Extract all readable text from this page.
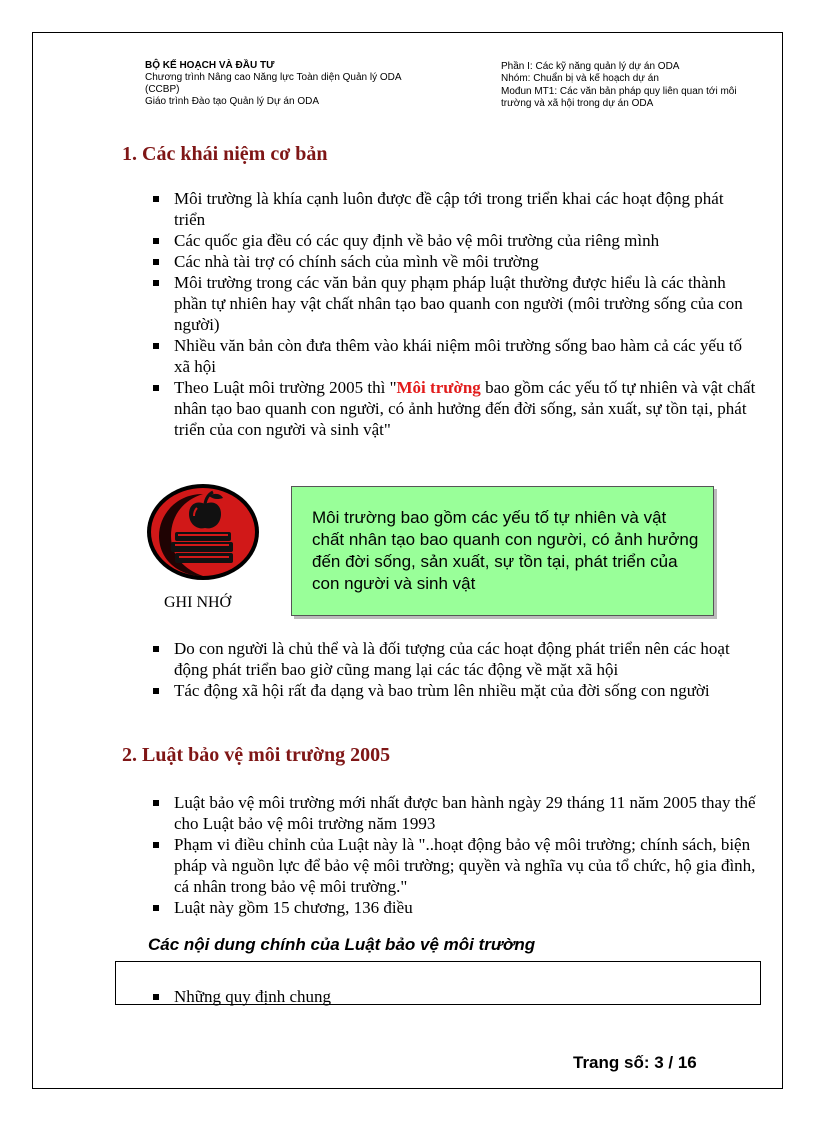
BỘ KẾ HOẠCH VÀ ĐẦU TƯ
Chương trình Nâng cao Năng lực Toàn diện Quản lý ODA
(CCBP)
Giáo trình Đào tạo Quản lý Dự án ODA
Phần I: Các kỹ năng quản lý dự án ODA
Nhóm: Chuẩn bị và kế hoạch dự án
Mođun MT1: Các văn bản pháp quy liên quan tới môi trường và xã hội trong dự án ODA
1. Các khái niệm cơ bản
Môi trường là khía cạnh luôn được đề cập tới trong triển khai các hoạt động phát triển
Các quốc gia đều có các quy định về bảo vệ môi trường của riêng mình
Các nhà tài trợ có chính sách của mình về môi trường
Môi trường trong các văn bản quy phạm pháp luật thường được hiểu là các thành phần tự nhiên hay vật chất nhân tạo bao quanh con người (môi trường sống của con người)
Nhiều văn bản còn đưa thêm vào khái niệm môi trường sống bao hàm cả các yếu tố xã hội
Theo Luật môi trường 2005 thì "Môi trường bao gồm các yếu tố tự nhiên và vật chất nhân tạo bao quanh con người, có ảnh hưởng đến đời sống, sản xuất, sự tồn tại, phát triển của con người và sinh vật"
GHI NHỚ
Môi trường bao gồm các yếu tố tự nhiên và vật chất nhân tạo bao quanh con người, có ảnh hưởng đến đời sống, sản xuất, sự tồn tại, phát triển của con người và sinh vật
Do con người là chủ thể và là đối tượng của các hoạt động phát triển nên các hoạt động phát triển bao giờ cũng mang lại các tác động về mặt xã hội
Tác động xã hội rất đa dạng và bao trùm lên nhiều mặt của đời sống con người
2. Luật bảo vệ môi trường 2005
Luật bảo vệ môi trường mới nhất được ban hành ngày 29 tháng 11 năm 2005 thay thế cho Luật bảo vệ môi trường năm 1993
Phạm vi điều chỉnh của Luật này là "..hoạt động bảo vệ môi trường; chính sách, biện pháp và nguồn lực để bảo vệ môi trường; quyền và nghĩa vụ của tổ chức, hộ gia đình, cá nhân trong bảo vệ môi trường."
Luật này gồm 15 chương, 136 điều
Các nội dung chính của Luật bảo vệ môi trường
Những quy định chung
Trang số: 3 / 16
